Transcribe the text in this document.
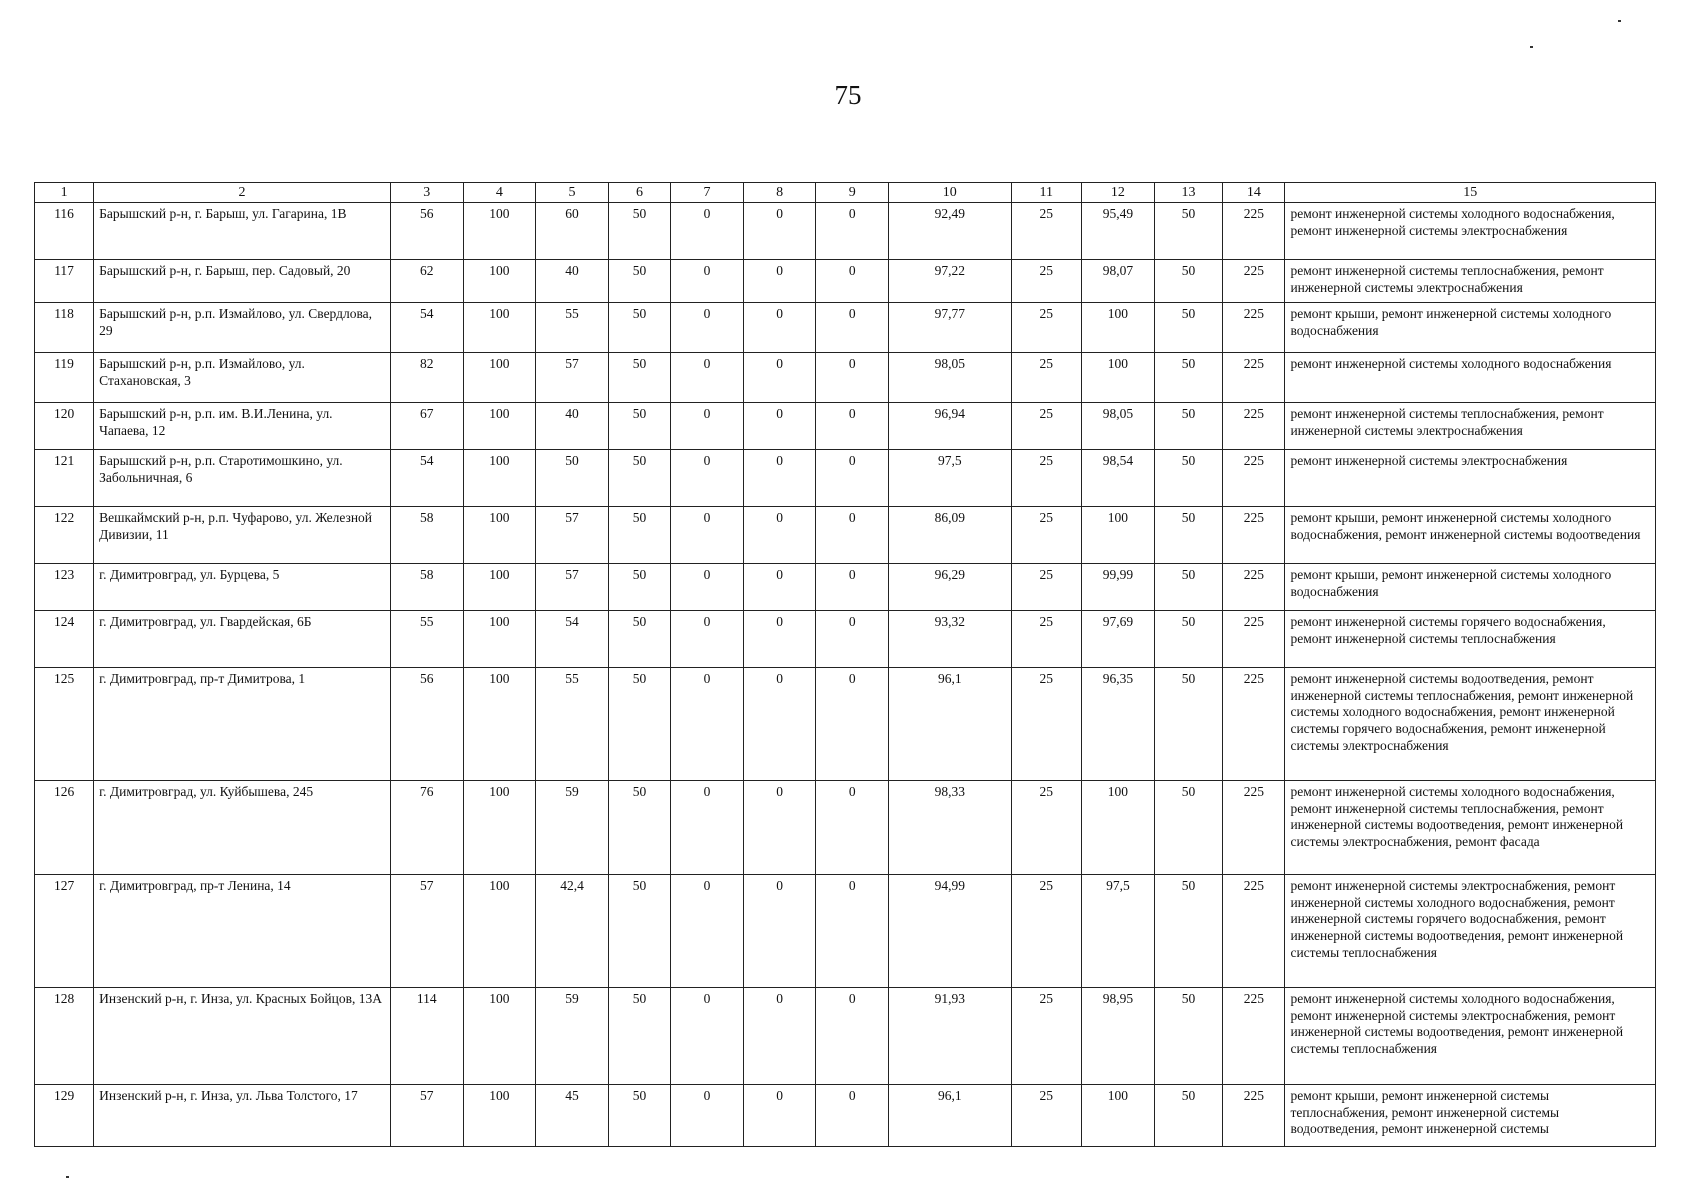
75
1	2	3	4	5	6	7	8	9	10	11	12	13	14	15
116	Барышский р-н, г. Барыш, ул. Гагарина, 1В	56	100	60	50	0	0	0	92,49	25	95,49	50	225	ремонт инженерной системы холодного водоснабжения, ремонт инженерной системы электроснабжения
117	Барышский р-н, г. Барыш, пер. Садовый, 20	62	100	40	50	0	0	0	97,22	25	98,07	50	225	ремонт инженерной системы теплоснабжения, ремонт инженерной системы электроснабжения
118	Барышский р-н, р.п. Измайлово, ул. Свердлова, 29	54	100	55	50	0	0	0	97,77	25	100	50	225	ремонт крыши, ремонт инженерной системы холодного водоснабжения
119	Барышский р-н, р.п. Измайлово, ул. Стахановская, 3	82	100	57	50	0	0	0	98,05	25	100	50	225	ремонт инженерной системы холодного водоснабжения
120	Барышский р-н, р.п. им. В.И.Ленина, ул. Чапаева, 12	67	100	40	50	0	0	0	96,94	25	98,05	50	225	ремонт инженерной системы теплоснабжения, ремонт инженерной системы электроснабжения
121	Барышский р-н, р.п. Старотимошкино, ул. Забольничная, 6	54	100	50	50	0	0	0	97,5	25	98,54	50	225	ремонт инженерной системы электроснабжения
122	Вешкаймский р-н, р.п. Чуфарово, ул. Железной Дивизии, 11	58	100	57	50	0	0	0	86,09	25	100	50	225	ремонт крыши, ремонт инженерной системы холодного водоснабжения, ремонт инженерной системы водоотведения
123	г. Димитровград, ул. Бурцева, 5	58	100	57	50	0	0	0	96,29	25	99,99	50	225	ремонт крыши, ремонт инженерной системы холодного водоснабжения
124	г. Димитровград, ул. Гвардейская, 6Б	55	100	54	50	0	0	0	93,32	25	97,69	50	225	ремонт инженерной системы горячего водоснабжения, ремонт инженерной системы теплоснабжения
125	г. Димитровград, пр-т Димитрова, 1	56	100	55	50	0	0	0	96,1	25	96,35	50	225	ремонт инженерной системы водоотведения, ремонт инженерной системы теплоснабжения, ремонт инженерной системы холодного водоснабжения, ремонт инженерной системы горячего водоснабжения, ремонт инженерной системы электроснабжения
126	г. Димитровград, ул. Куйбышева, 245	76	100	59	50	0	0	0	98,33	25	100	50	225	ремонт инженерной системы холодного водоснабжения, ремонт инженерной системы теплоснабжения, ремонт инженерной системы водоотведения, ремонт инженерной системы электроснабжения, ремонт фасада
127	г. Димитровград, пр-т Ленина, 14	57	100	42,4	50	0	0	0	94,99	25	97,5	50	225	ремонт инженерной системы электроснабжения, ремонт инженерной системы холодного водоснабжения, ремонт инженерной системы горячего водоснабжения, ремонт инженерной системы водоотведения, ремонт инженерной системы теплоснабжения
128	Инзенский р-н, г. Инза, ул. Красных Бойцов, 13А	114	100	59	50	0	0	0	91,93	25	98,95	50	225	ремонт инженерной системы холодного водоснабжения, ремонт инженерной системы электроснабжения, ремонт инженерной системы водоотведения, ремонт инженерной системы теплоснабжения
129	Инзенский р-н, г. Инза, ул. Льва Толстого, 17	57	100	45	50	0	0	0	96,1	25	100	50	225	ремонт крыши, ремонт инженерной системы теплоснабжения, ремонт инженерной системы водоотведения, ремонт инженерной системы
